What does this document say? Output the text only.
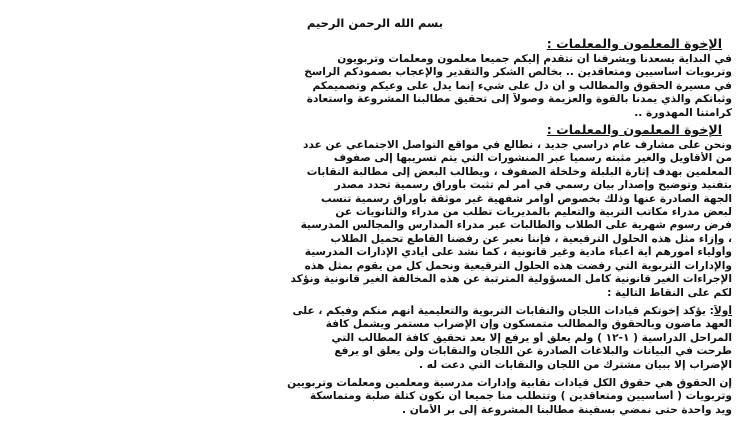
بسم الله الرحمن الرحيم
الإخوة المعلمون والمعلمات :
في البداية يسعدنا ويشرفنا أن نتقدم إليكم جميعاً معلمون ومعلمات وتربويون
وتربويات أساسيين ومتعاقدين .. بخالص الشكر والتقدير والإعجاب بصمودكم الراسخ
في مسيرة الحقوق والمطالب و أن دل على شيء إنما يدل على وعيكم وتصميمكم
وثباتكم والذي يمدنا بالقوة والعزيمة وصولاً إلى تحقيق مطالبنا المشروعة واستعادة
كرامتنا المهدورة ..
الإخوة المعلمون والمعلمات :
ونحن على مشارف عام دراسي جديد ، نطالع في مواقع التواصل الاجتماعي عن عدد
من الأقاويل والغير مثبته رسمياً عبر المنشورات التي يتم تسريبها إلى صفوف
المعلمين بهدف إثارة البلبلة وخلخلة الصفوف ، ويطالب البعض إلى مطالبة النقابات
بتفنيد وتوضيح وإصدار بيان رسمي في أمر لم تثبت بأوراق رسمية تحدد مصدر
الجهة الصادرة عنها وذلك بخصوص أوامر شفهية غير موثقة بأوراق رسمية تنسب
لبعض مدراء مكاتب التربية والتعليم بالمديريات تطلب من مدراء والثانويات عن
فرض رسوم شهرية على الطلاب والطالبات عبر مدراء المدارس والمجالس المدرسية
، وإزاء مثل هذه الحلول الترقيعية ، فإننا نعبر عن رفضنا القاطع تحميل الطلاب
وأولياء أمورهم أية أعباء مادية وغير قانونية ، كما نشد على أيادي الإدارات المدرسية
والإدارات التربوية التي رفضت هذه الحلول الترقيعية ونحمل كل من يقوم بمثل هذه
الإجراءات الغير قانونية كامل المسؤولية المترتبة عن هذه المخالفة الغير قانونية ونؤكد
لكم على النقاط التالية :
أولاً: يؤكد إخوتكم قيادات اللجان والنقابات التربوية والتعليمية أنهم منكم وفيكم ، على
العهد ماضون وبالحقوق والمطالب متمسكون وإن الإضراب مستمر ويشمل كافة
المراحل الدراسية ( ١-١٢ ) ولم يعلق أو يرفع إلا بعد تحقيق كافة المطالب التي
طرحت في البيانات والبلاغات الصادرة عن اللجان والنقابات ولن يعلق او يرفع
الإضراب إلا ببيان مشترك من اللجان والنقابات التي دعت له .
إن الحقوق هي حقوق الكل قيادات نقابية وإدارات مدرسية ومعلمين ومعلمات وتربويين
وتربويات ( أساسيين ومتعاقدين ) وتتطلب منا جميعاً أن نكون كتلة صلبة ومتماسكة
ويد واحدة حتى نمضي بسفينة مطالبنا المشروعة إلى بر الأمان .
